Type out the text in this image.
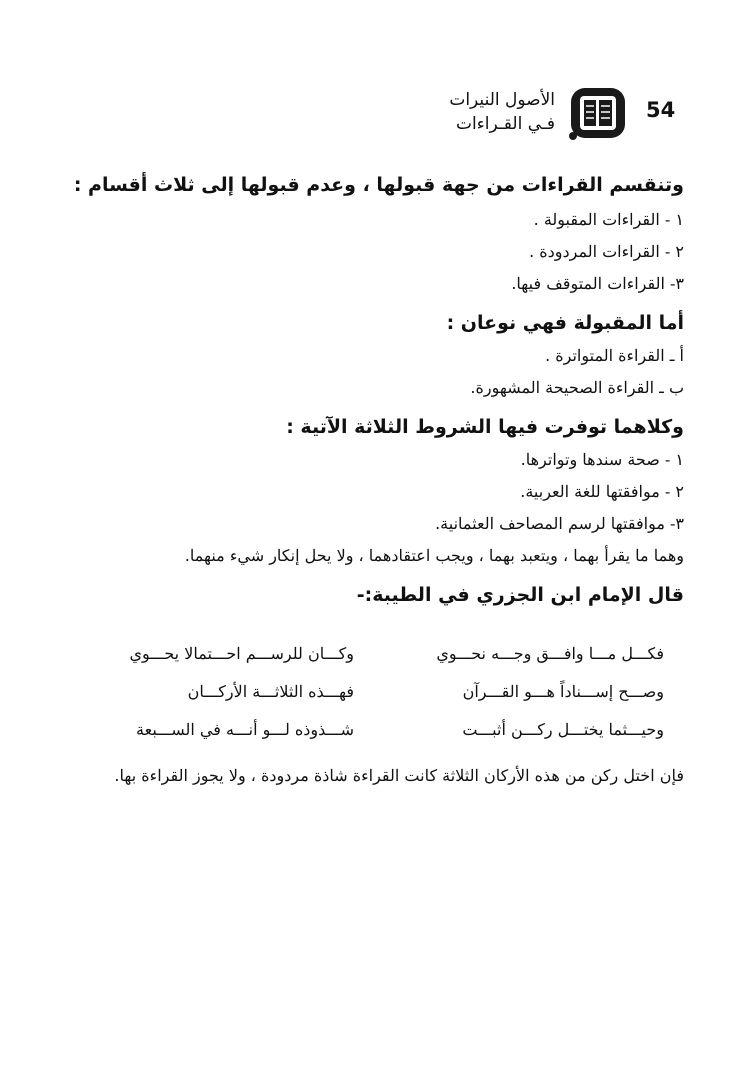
54
الأصول النيرات
فـي القـراءات

وتنقسم القراءات من جهة قبولها ، وعدم قبولها إلى ثلاث أقسام :

١ - القراءات المقبولة .

٢ - القراءات المردودة .

٣- القراءات المتوقف فيها.

أما المقبولة فهي نوعان :

أ ـ القراءة المتواترة .

ب ـ القراءة الصحيحة المشهورة.

وكلاهما توفرت فيها الشروط الثلاثة الآتية :

١ - صحة سندها وتواترها.

٢ - موافقتها للغة العربية.

٣- موافقتها لرسم المصاحف العثمانية.

وهما ما يقرأ بهما ، ويتعبد بهما ، ويجب اعتقادهما ، ولا يحل إنكار شيء منهما.

قال الإمام ابن الجزري في الطيبة:-

فكـــل مـــا وافـــق وجـــه نحـــوي
وكـــان للرســـم احـــتمالا يحـــوي
وصـــح إســـناداً هـــو القـــرآن
فهـــذه الثلاثـــة الأركـــان
وحيـــثما يختـــل ركـــن أثبـــت
شـــذوذه لـــو أنـــه في الســـبعة

فإن اختل ركن من هذه الأركان الثلاثة كانت القراءة شاذة مردودة ، ولا يجوز القراءة بها.
